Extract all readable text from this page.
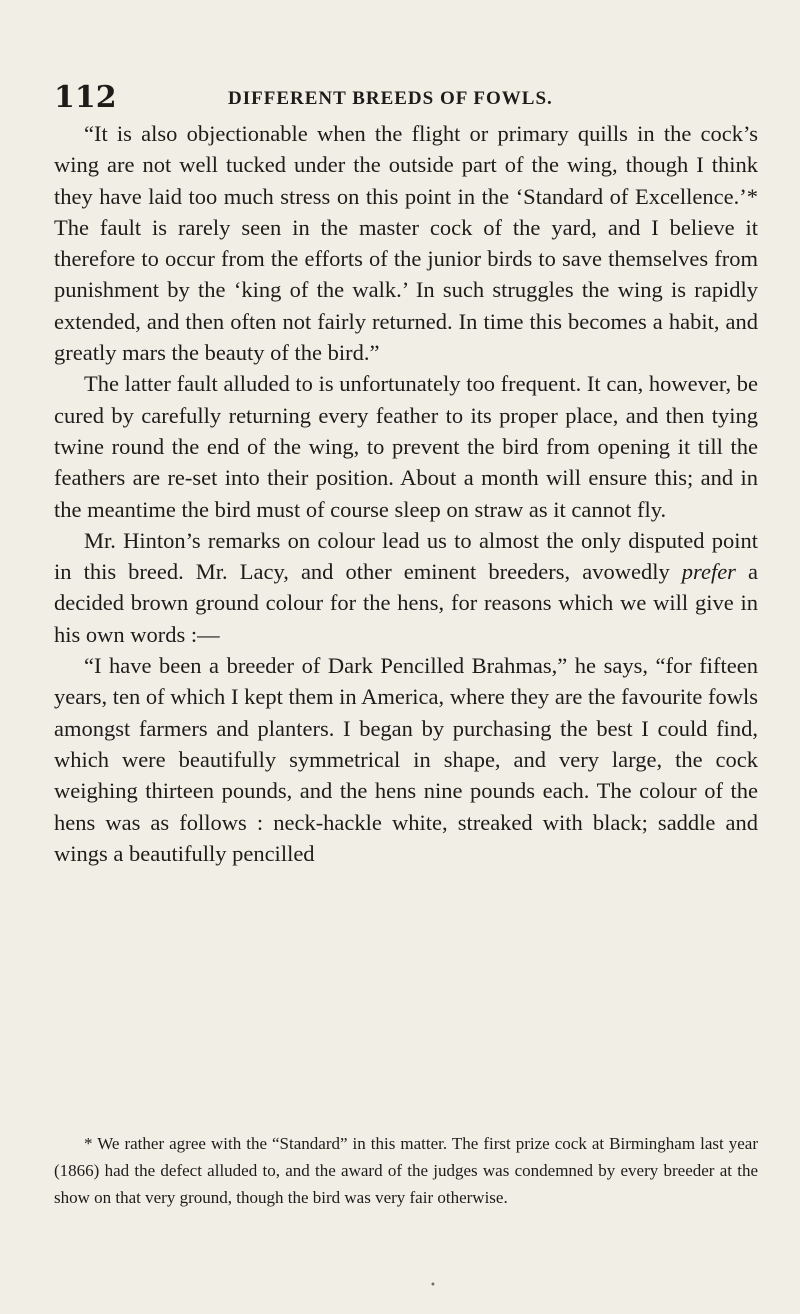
112	DIFFERENT BREEDS OF FOWLS.

“It is also objectionable when the flight or primary quills in the cock’s wing are not well tucked under the outside part of the wing, though I think they have laid too much stress on this point in the ‘Standard of Excellence.’* The fault is rarely seen in the master cock of the yard, and I believe it therefore to occur from the efforts of the junior birds to save themselves from punishment by the ‘king of the walk.’ In such struggles the wing is rapidly extended, and then often not fairly returned. In time this becomes a habit, and greatly mars the beauty of the bird.”

The latter fault alluded to is unfortunately too frequent. It can, however, be cured by carefully returning every feather to its proper place, and then tying twine round the end of the wing, to prevent the bird from opening it till the feathers are re-set into their position. About a month will ensure this; and in the meantime the bird must of course sleep on straw as it cannot fly.

Mr. Hinton’s remarks on colour lead us to almost the only disputed point in this breed. Mr. Lacy, and other eminent breeders, avowedly prefer a decided brown ground colour for the hens, for reasons which we will give in his own words :—

“I have been a breeder of Dark Pencilled Brahmas,” he says, “for fifteen years, ten of which I kept them in America, where they are the favourite fowls amongst farmers and planters. I began by purchasing the best I could find, which were beautifully symmetrical in shape, and very large, the cock weighing thirteen pounds, and the hens nine pounds each. The colour of the hens was as follows : neck-hackle white, streaked with black; saddle and wings a beautifully pencilled

* We rather agree with the “Standard” in this matter. The first prize cock at Birmingham last year (1866) had the defect alluded to, and the award of the judges was condemned by every breeder at the show on that very ground, though the bird was very fair otherwise.

•
